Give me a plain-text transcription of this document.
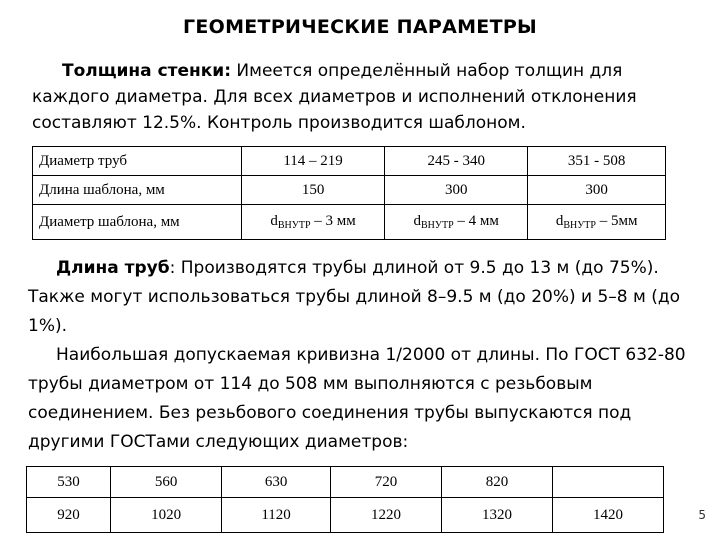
ГЕОМЕТРИЧЕСКИЕ ПАРАМЕТРЫ
Толщина стенки: Имеется определённый набор толщин для каждого диаметра. Для всех диаметров и исполнений отклонения составляют 12.5%. Контроль производится шаблоном.
Диаметр труб	114 – 219	245 - 340	351 - 508
Длина шаблона, мм	150	300	300
Диаметр шаблона, мм	$d_{ВНУТР} - 3$ мм	$d_{ВНУТР} - 4$ мм	$d_{ВНУТР} - 5мм$

Длина труб: Производятся трубы длиной от 9.5 до 13 м (до 75%). Также могут использоваться трубы длиной 8–9.5 м (до 20%) и 5–8 м (до 1%).

Наибольшая допускаемая кривизна 1/2000 от длины. По ГОСТ 632-80 трубы диаметром от 114 до 508 мм выполняются с резьбовым соединением. Без резьбового соединения трубы выпускаются под другими ГОСТами следующих диаметров:

530	560	630	720	820	
920	1020	1120	1220	1320	1420	5
